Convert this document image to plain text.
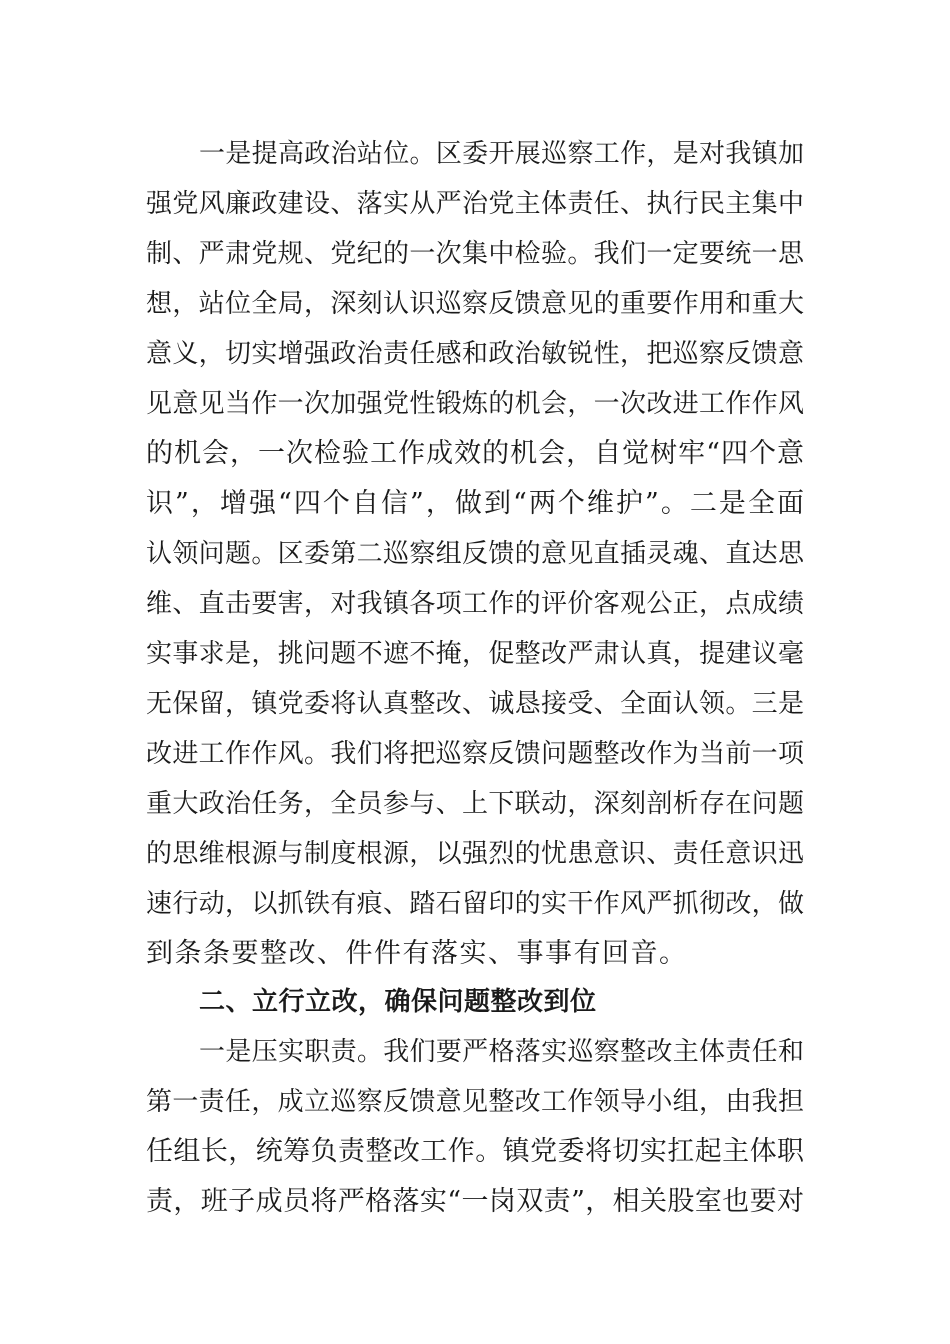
一是提高政治站位。区委开展巡察工作，是对我镇加
强党风廉政建设、落实从严治党主体责任、执行民主集中
制、严肃党规、党纪的一次集中检验。我们一定要统一思
想，站位全局，深刻认识巡察反馈意见的重要作用和重大
意义，切实增强政治责任感和政治敏锐性，把巡察反馈意
见意见当作一次加强党性锻炼的机会，一次改进工作作风
的机会，一次检验工作成效的机会，自觉树牢“四个意
识”，增强“四个自信”，做到“两个维护”。二是全面
认领问题。区委第二巡察组反馈的意见直插灵魂、直达思
维、直击要害，对我镇各项工作的评价客观公正，点成绩
实事求是，挑问题不遮不掩，促整改严肃认真，提建议毫
无保留，镇党委将认真整改、诚恳接受、全面认领。三是
改进工作作风。我们将把巡察反馈问题整改作为当前一项
重大政治任务，全员参与、上下联动，深刻剖析存在问题
的思维根源与制度根源，以强烈的忧患意识、责任意识迅
速行动，以抓铁有痕、踏石留印的实干作风严抓彻改，做
到条条要整改、件件有落实、事事有回音。
二、立行立改，确保问题整改到位
一是压实职责。我们要严格落实巡察整改主体责任和
第一责任，成立巡察反馈意见整改工作领导小组，由我担
任组长，统筹负责整改工作。镇党委将切实扛起主体职
责，班子成员将严格落实“一岗双责”，相关股室也要对
